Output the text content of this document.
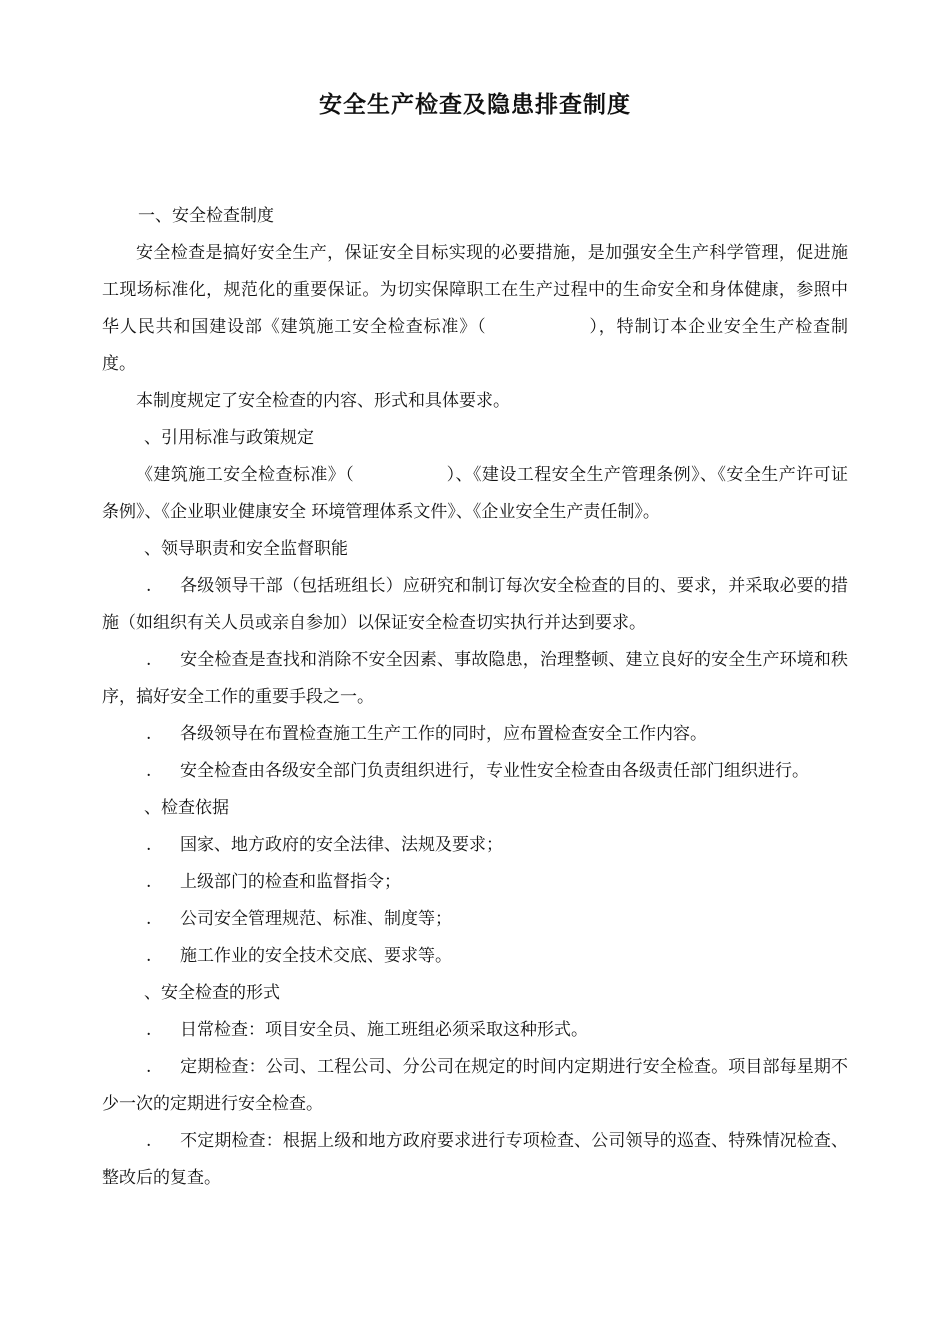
安全生产检查及隐患排查制度

一、安全检查制度

安全检查是搞好安全生产，保证安全目标实现的必要措施，是加强安全生产科学管理，促进施工现场标准化，规范化的重要保证。为切实保障职工在生产过程中的生命安全和身体健康，参照中华人民共和国建设部《建筑施工安全检查标准》（	），特制订本企业安全生产检查制度。

本制度规定了安全检查的内容、形式和具体要求。

、引用标准与政策规定

《建筑施工安全检查标准》（	）、《建设工程安全生产管理条例》、《安全生产许可证条例》、《企业职业健康安全 环境管理体系文件》、《企业安全生产责任制》。

、领导职责和安全监督职能

. 各级领导干部（包括班组长）应研究和制订每次安全检查的目的、要求，并采取必要的措施（如组织有关人员或亲自参加）以保证安全检查切实执行并达到要求。

. 安全检查是查找和消除不安全因素、事故隐患，治理整顿、建立良好的安全生产环境和秩序，搞好安全工作的重要手段之一。

. 各级领导在布置检查施工生产工作的同时，应布置检查安全工作内容。

. 安全检查由各级安全部门负责组织进行，专业性安全检查由各级责任部门组织进行。

、检查依据

. 国家、地方政府的安全法律、法规及要求；

. 上级部门的检查和监督指令；

. 公司安全管理规范、标准、制度等；

. 施工作业的安全技术交底、要求等。

、安全检查的形式

. 日常检查：项目安全员、施工班组必须采取这种形式。

. 定期检查：公司、工程公司、分公司在规定的时间内定期进行安全检查。项目部每星期不少一次的定期进行安全检查。

. 不定期检查：根据上级和地方政府要求进行专项检查、公司领导的巡查、特殊情况检查、整改后的复查。
